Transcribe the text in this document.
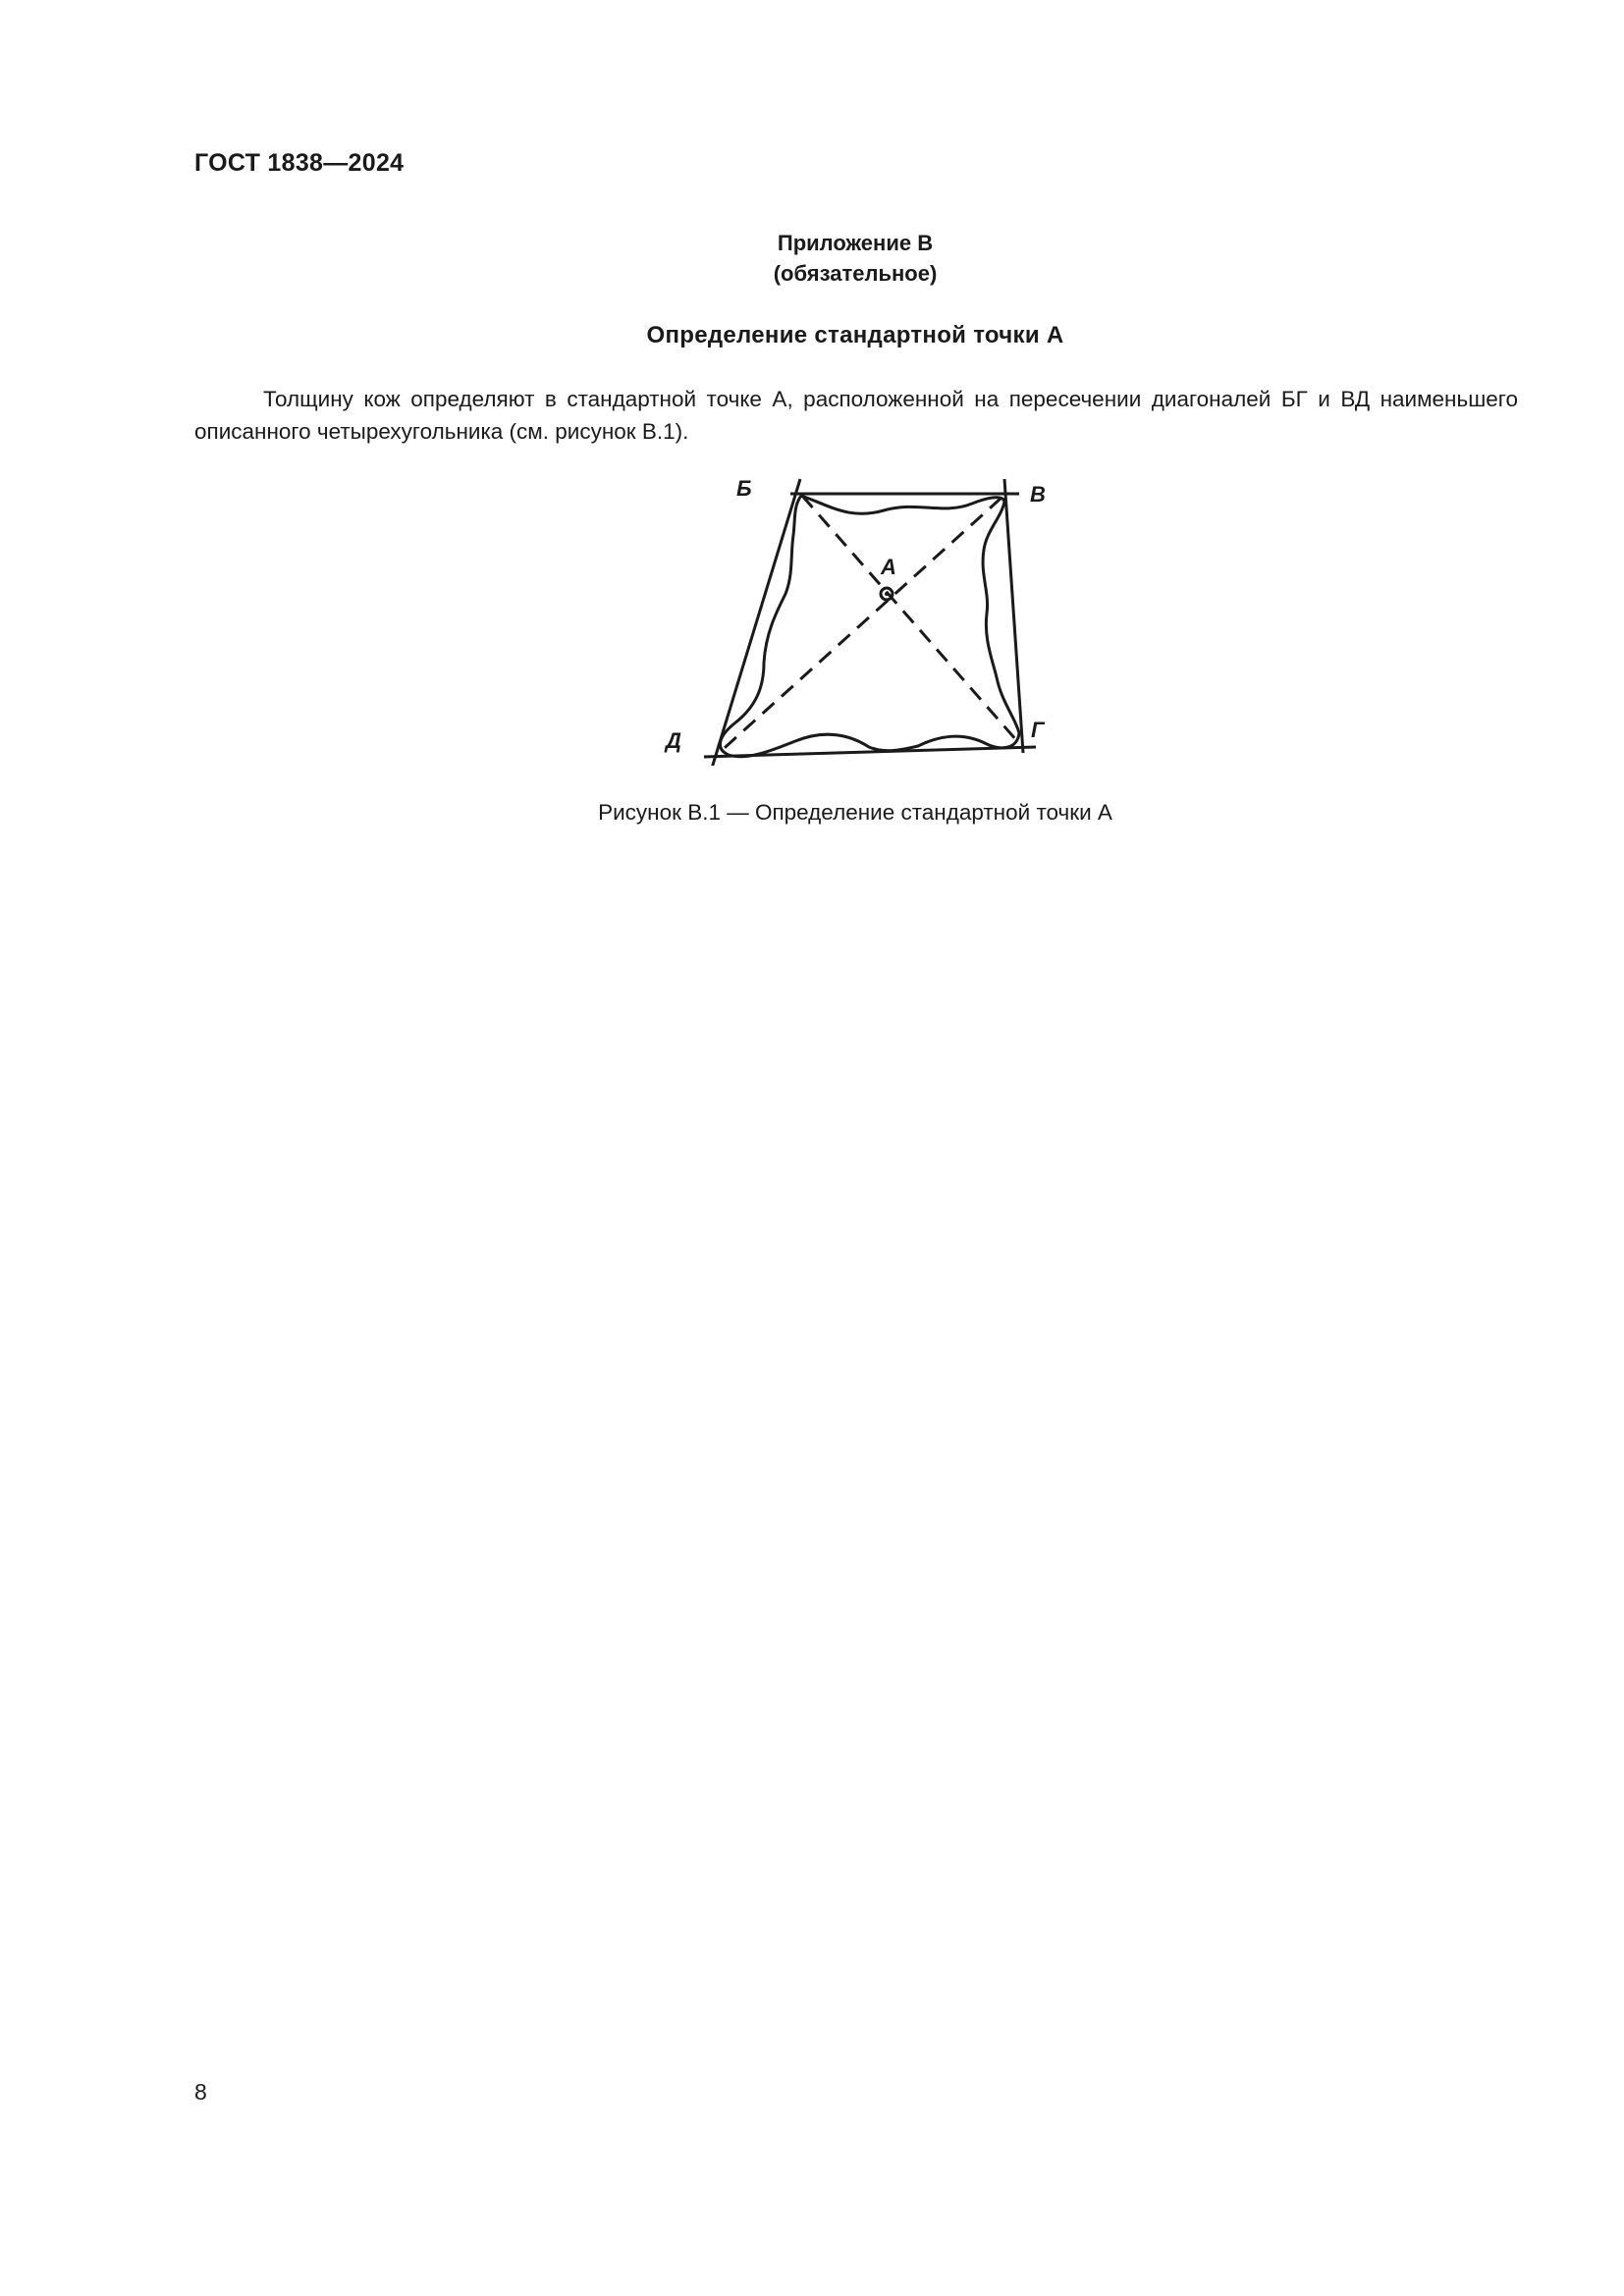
ГОСТ 1838—2024
Приложение В
(обязательное)
Определение стандартной точки А

Толщину кож определяют в стандартной точке А, расположенной на пересечении диагоналей БГ и ВД наименьшего описанного четырехугольника (см. рисунок В.1).

Б	В
А
Д	Г
Рисунок В.1 — Определение стандартной точки А
8
